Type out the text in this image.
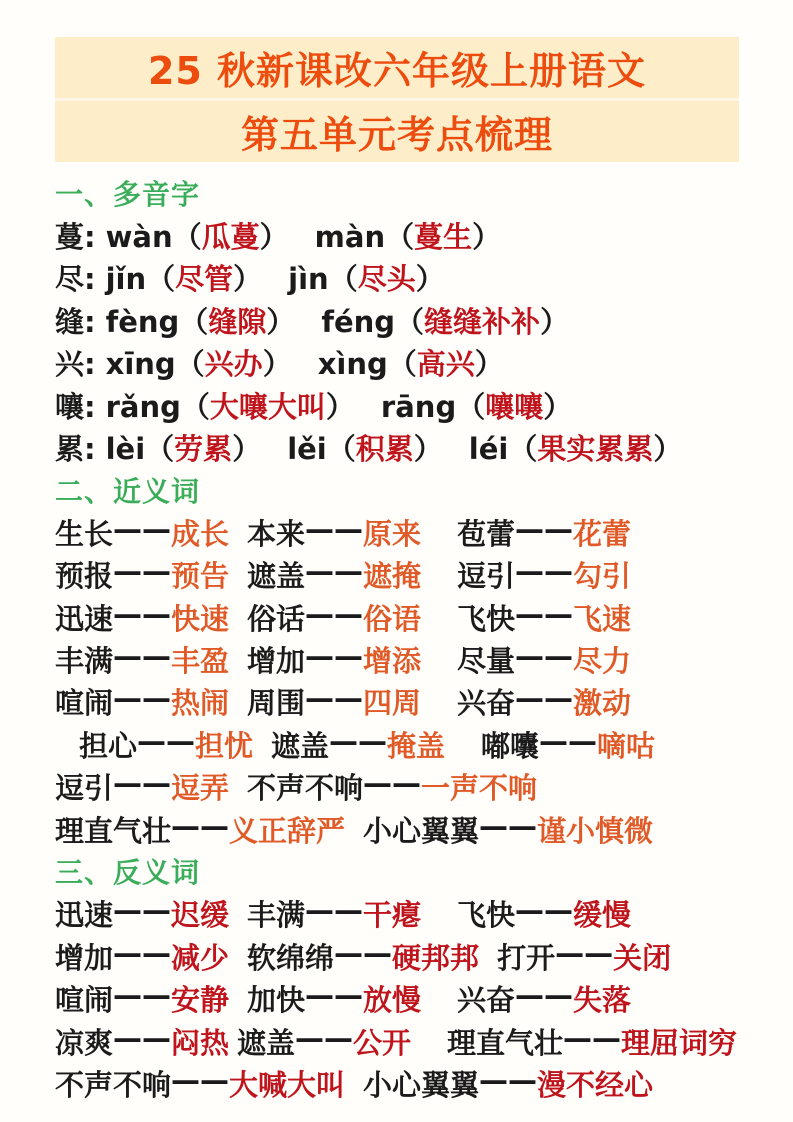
25 秋新课改六年级上册语文
第五单元考点梳理
一、多音字
蔓: wàn（ 瓜蔓 ） màn（ 蔓生 ）
尽: jǐn（ 尽管 ） jìn（ 尽头 ）
缝: fèng（ 缝隙 ） féng（ 缝缝补补 ）
兴: xīng（ 兴办 ） xìng（ 高兴 ）
嚷: rǎng（ 大嚷大叫 ） rāng（ 嚷嚷 ）
累: lèi（ 劳累 ） lěi（ 积累 ） léi（ 果实累累 ）
二、近义词
生长 —— 成长 本来 —— 原来 苞蕾 —— 花蕾
预报 —— 预告 遮盖 —— 遮掩 逗引 —— 勾引
迅速 —— 快速 俗话 —— 俗语 飞快 —— 飞速
丰满 —— 丰盈 增加 —— 增添 尽量 —— 尽力
喧闹 —— 热闹 周围 —— 四周 兴奋 —— 激动
担心 —— 担忧 遮盖 —— 掩盖 嘟囔 —— 嘀咕
逗引 —— 逗弄 不声不响 —— 一声不响
理直气壮 —— 义正辞严 小心翼翼 —— 谨小慎微
三、反义词
迅速 —— 迟缓 丰满 —— 干瘪 飞快 —— 缓慢
增加 —— 减少 软绵绵 —— 硬邦邦 打开 —— 关闭
喧闹 —— 安静 加快 —— 放慢 兴奋 —— 失落
凉爽 —— 闷热 遮盖 —— 公开 理直气壮 —— 理屈词穷
不声不响 —— 大喊大叫 小心翼翼 —— 漫不经心
